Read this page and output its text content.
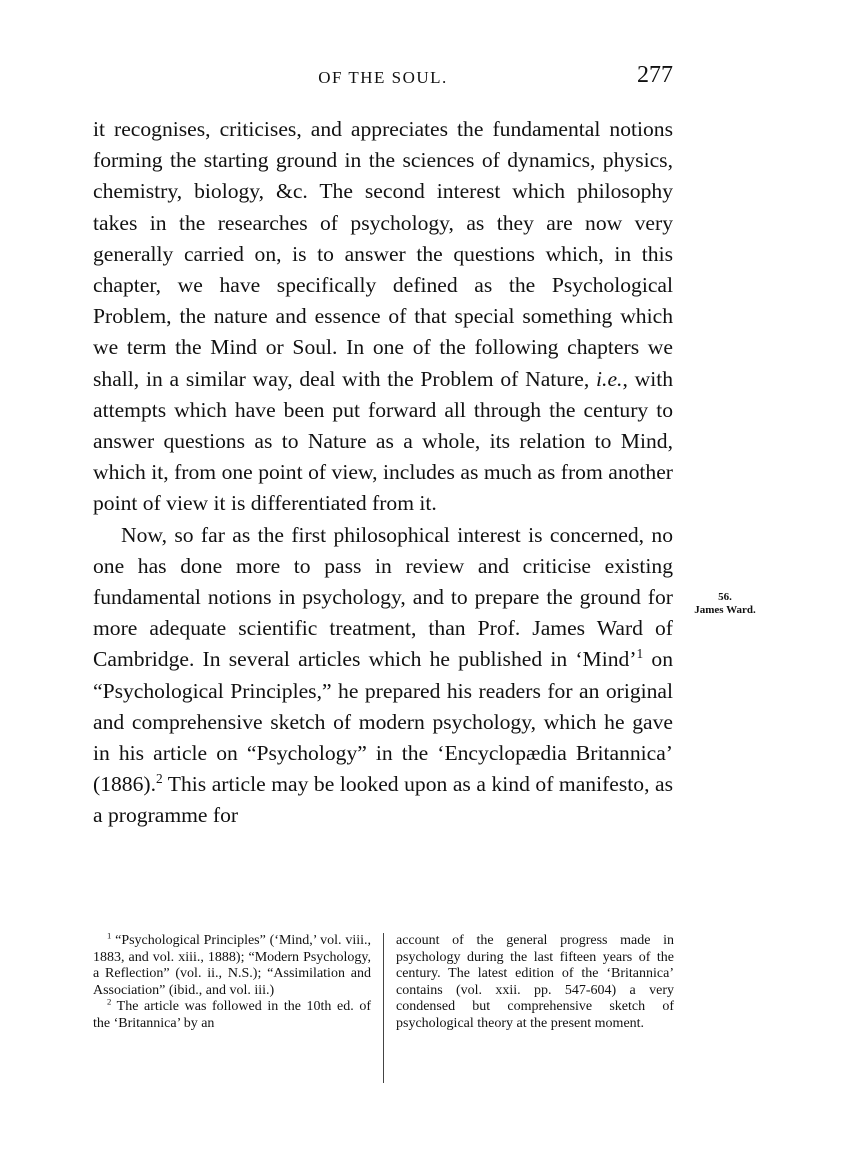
OF THE SOUL.	277

it recognises, criticises, and appreciates the fundamental notions forming the starting ground in the sciences of dynamics, physics, chemistry, biology, &c. The second interest which philosophy takes in the researches of psychology, as they are now very generally carried on, is to answer the questions which, in this chapter, we have specifically defined as the Psychological Problem, the nature and essence of that special something which we term the Mind or Soul. In one of the following chapters we shall, in a similar way, deal with the Problem of Nature, i.e., with attempts which have been put forward all through the century to answer questions as to Nature as a whole, its relation to Mind, which it, from one point of view, includes as much as from another point of view it is differentiated from it.

Now, so far as the first philosophical interest is concerned, no one has done more to pass in review and criticise existing fundamental notions in psychology, and to prepare the ground for more adequate scientific treatment, than Prof. James Ward of Cambridge. In several articles which he published in ‘Mind’$^1$ on “Psychological Principles,” he prepared his readers for an original and comprehensive sketch of modern psychology, which he gave in his article on “Psychology” in the ‘Encyclopædia Britannica’ (1886).$^2$ This article may be looked upon as a kind of manifesto, as a programme for

56.
James Ward.

$^1$ “Psychological Principles” (‘Mind,’ vol. viii., 1883, and vol. xiii., 1888); “Modern Psychology, a Reflection” (vol. ii., N.S.); “Assimilation and Association” (ibid., and vol. iii.)

$^2$ The article was followed in the 10th ed. of the ‘Britannica’ by an

account of the general progress made in psychology during the last fifteen years of the century. The latest edition of the ‘Britannica’ contains (vol. xxii. pp. 547-604) a very condensed but comprehensive sketch of psychological theory at the present moment.
